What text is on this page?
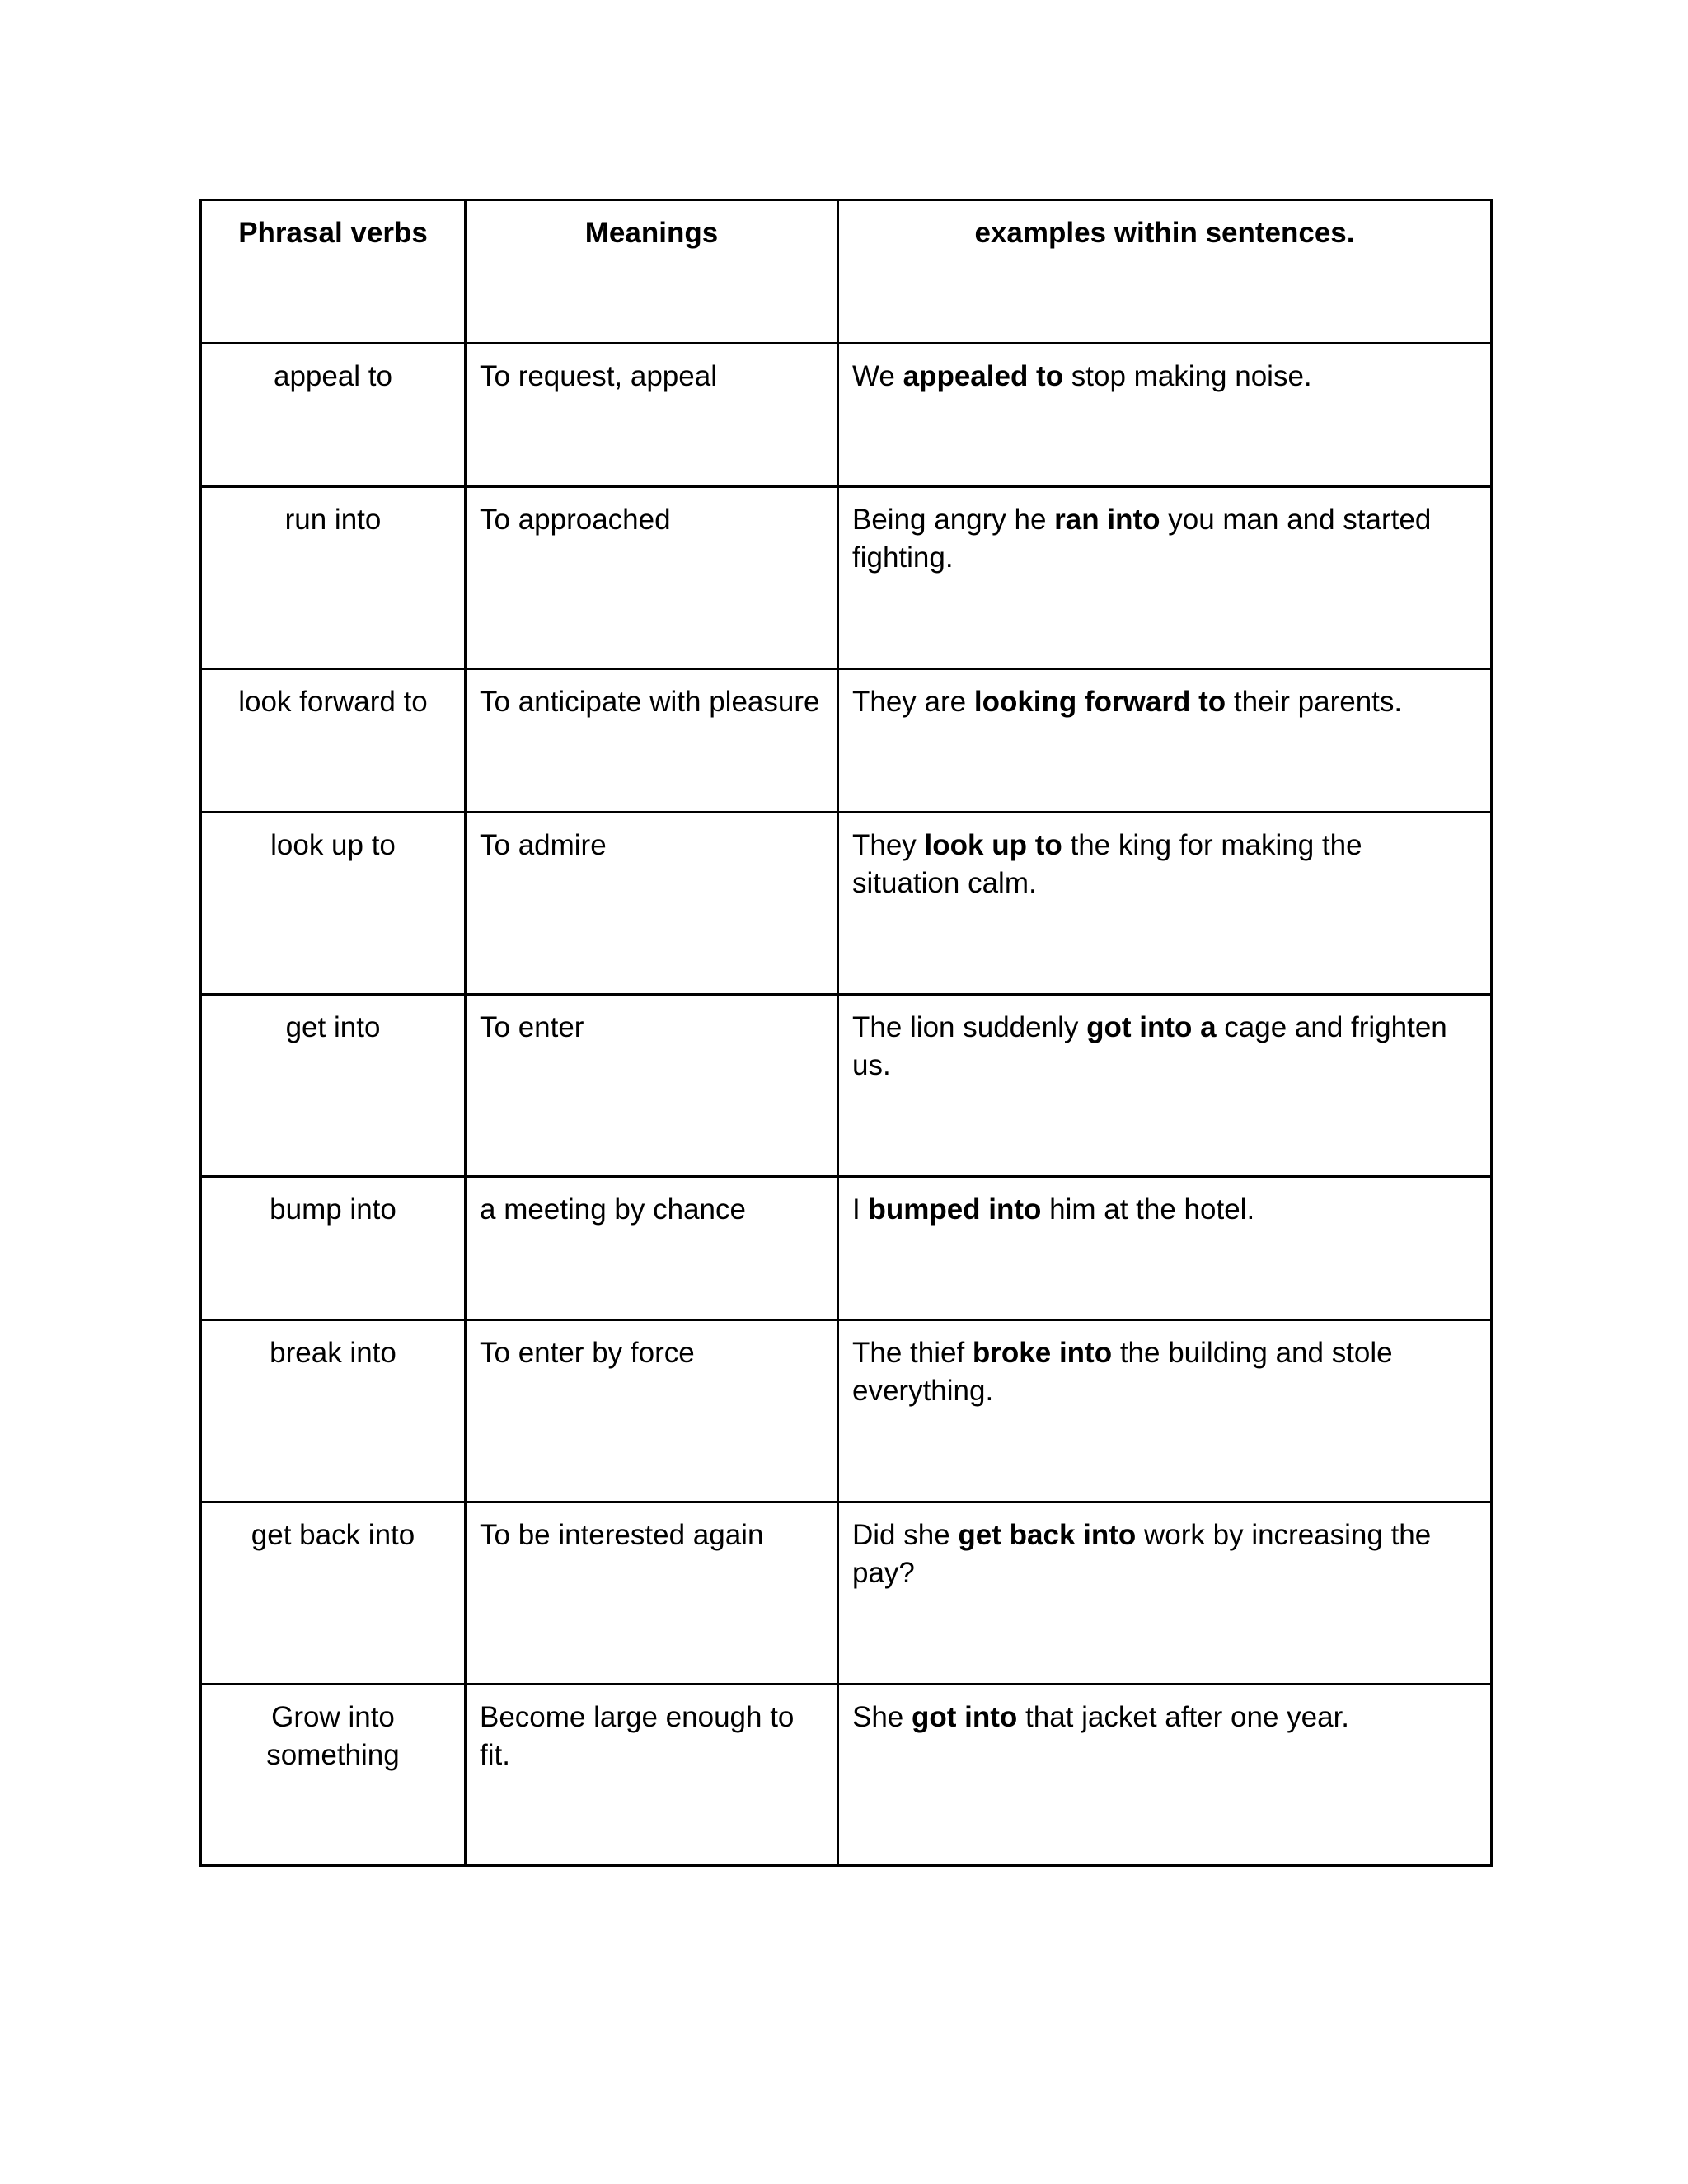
Phrasal verbs	Meanings	examples within sentences.
appeal to	To request, appeal	We appealed to stop making noise.
run into	To approached	Being angry he ran into you man and started fighting.
look forward to	To anticipate with pleasure	They are looking forward to their parents.
look up to	To admire	They look up to the king for making the situation calm.
get into	To enter	The lion suddenly got into a cage and frighten us.
bump into	a meeting by chance	I bumped into him at the hotel.
break into	To enter by force	The thief broke into the building and stole everything.
get back into	To be interested again	Did she get back into work by increasing the pay?
Grow into something	Become large enough to fit.	She got into that jacket after one year.
